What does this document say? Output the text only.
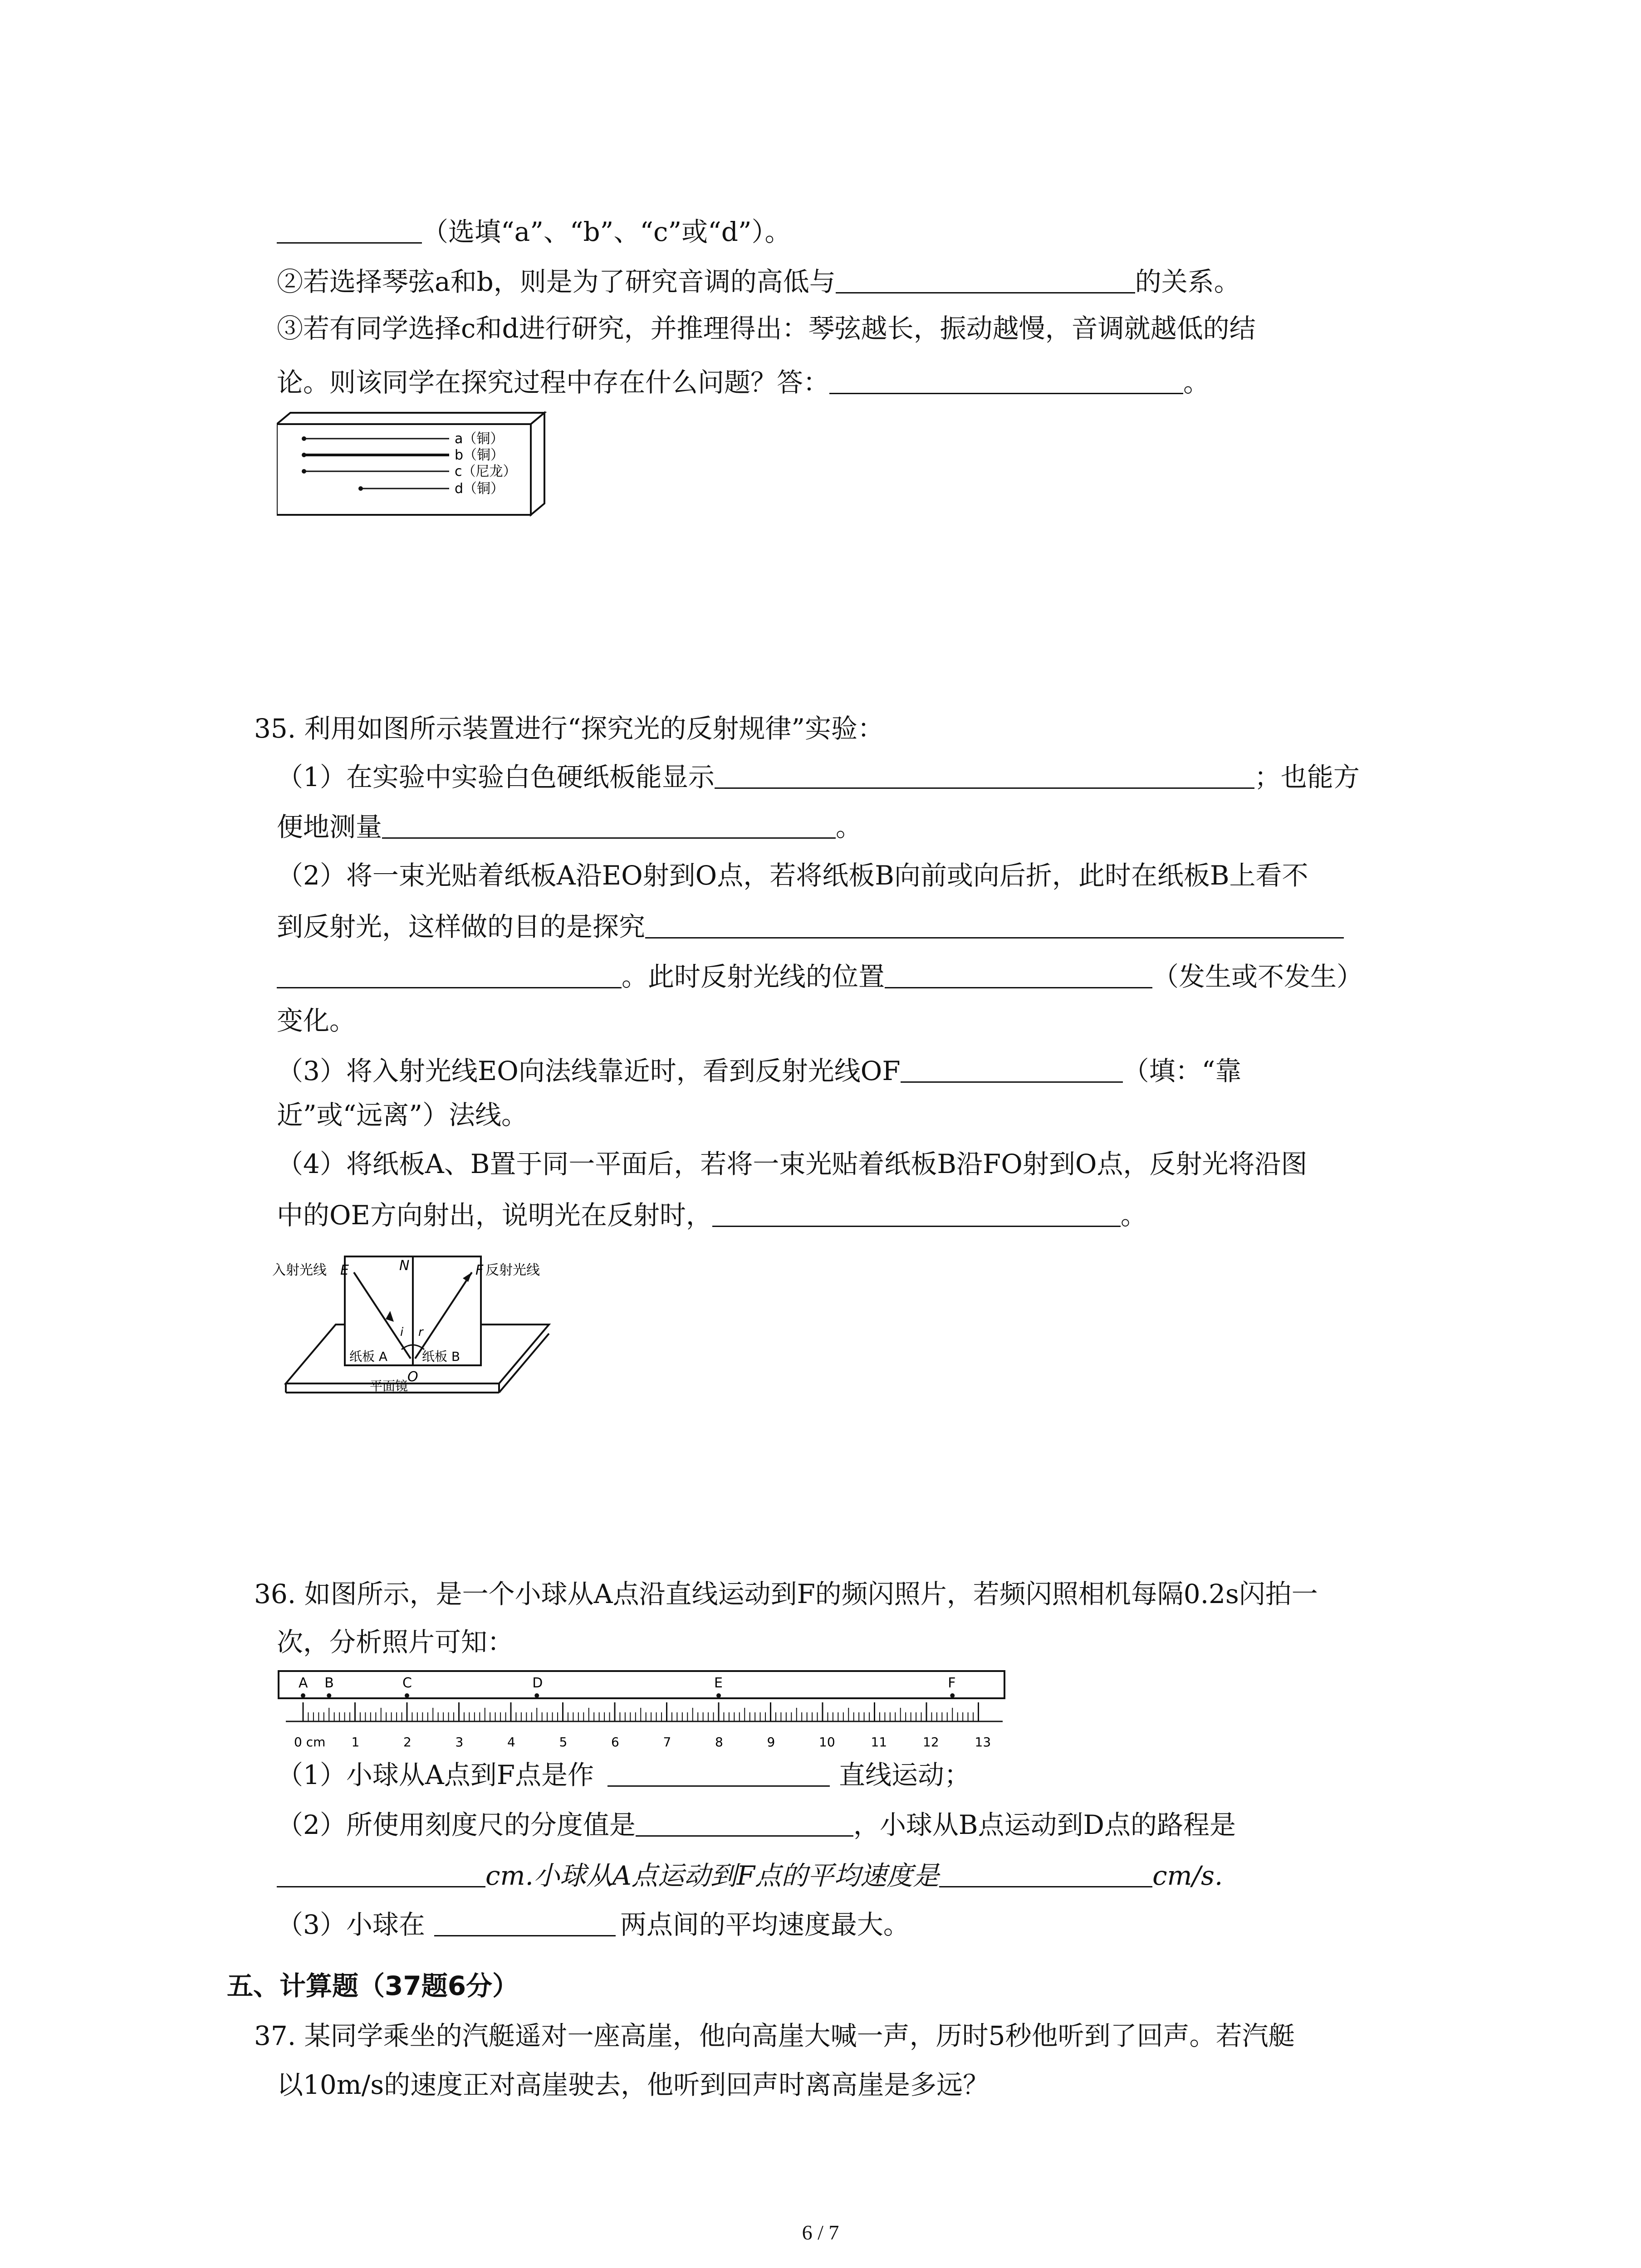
（选填“a”、“b”、“c”或“d”）。
②若选择琴弦a和b，则是为了研究音调的高低与	的关系。
③若有同学选择c和d进行研究，并推理得出：琴弦越长，振动越慢，音调就越低的结
论。则该同学在探究过程中存在什么问题？答：	。
a（铜）
b（铜）
c（尼龙）
d（铜）
35. 利用如图所示装置进行“探究光的反射规律”实验：
（1）在实验中实验白色硬纸板能显示	；也能方
便地测量	。
（2）将一束光贴着纸板A沿EO射到O点，若将纸板B向前或向后折，此时在纸板B上看不
到反射光，这样做的目的是探究
。此时反射光线的位置	（发生或不发生）
变化。
（3）将入射光线EO向法线靠近时，看到反射光线OF	（填：“靠
近”或“远离”）法线。
（4）将纸板A、B置于同一平面后，若将一束光贴着纸板B沿FO射到O点，反射光将沿图
中的OE方向射出，说明光在反射时，	。
N
E	F
i r
O
入射光线	反射光线
纸板 A	纸板 B
平面镜
36. 如图所示，是一个小球从A点沿直线运动到F的频闪照片，若频闪照相机每隔0.2s闪拍一
次，分析照片可知：
1	2	3	4	5	6	7	8	9	10	11	12	13
A B	C	D	E	F
0 cm
（1）小球从A点到F点是作	直线运动；
（2）所使用刻度尺的分度值是	，小球从B点运动到D点的路程是
cm.小球从A点运动到F点的平均速度是	cm/s.
（3）小球在	两点间的平均速度最大。
五、计算题（37题6分）
37. 某同学乘坐的汽艇遥对一座高崖，他向高崖大喊一声，历时5秒他听到了回声。若汽艇
以10m/s的速度正对高崖驶去，他听到回声时离高崖是多远？
6 / 7
